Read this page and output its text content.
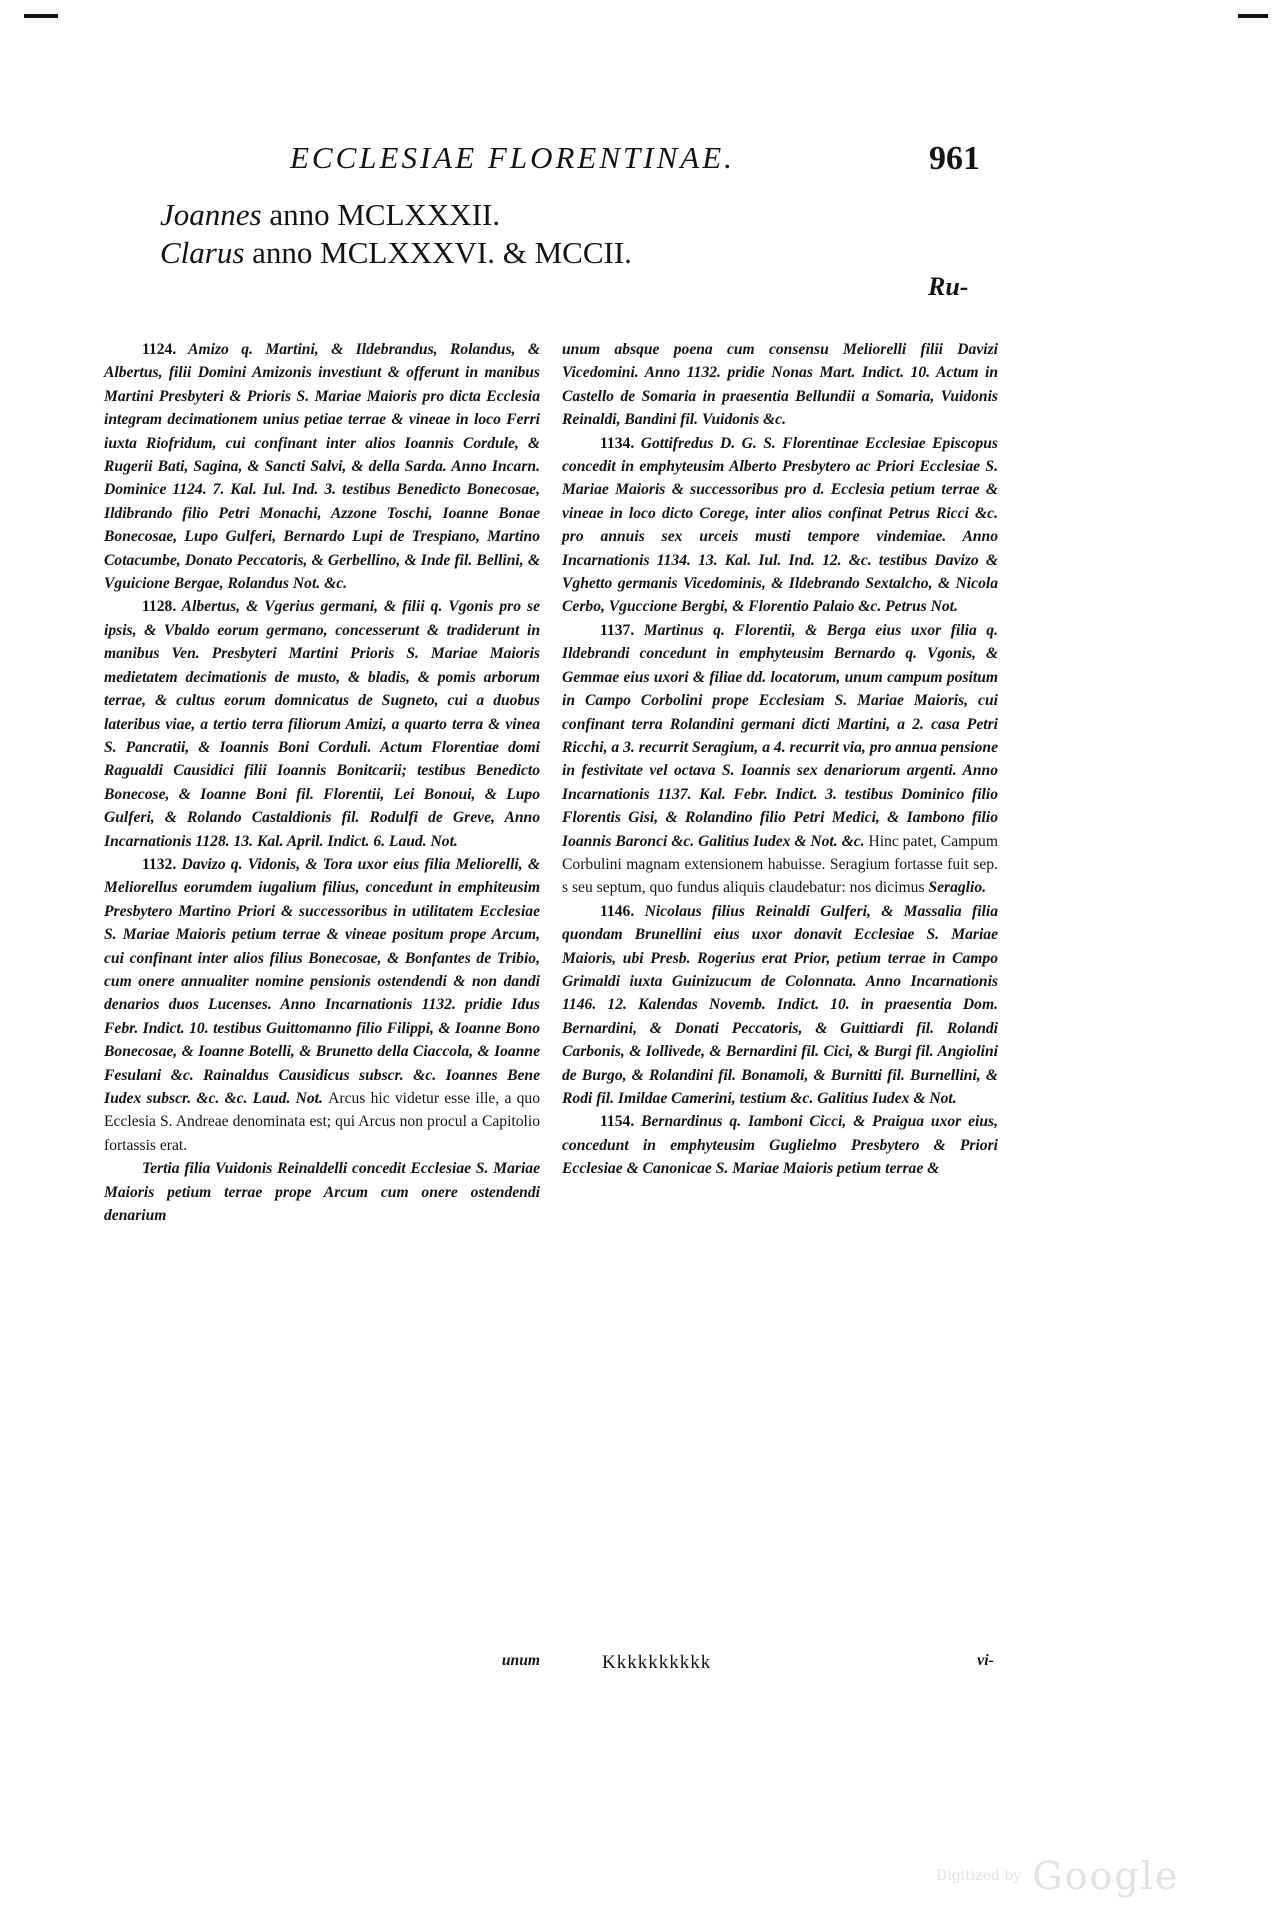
ECCLESIAE FLORENTINAE.	961
Joannes anno MCLXXXII.
Clarus anno MCLXXXVI. & MCCII.
Ru-

1124. Amizo q. Martini, & Ildebrandus, Rolandus, & Albertus, filii Domini Amizonis investiunt & offerunt in manibus Martini Presbyteri & Prioris S. Mariae Maioris pro dicta Ecclesia integram decimationem unius petiae terrae & vineae in loco Ferri iuxta Riofridum, cui confinant inter alios Ioannis Cordule, & Rugerii Bati, Sagina, & Sancti Salvi, & della Sarda. Anno Incarn. Dominice 1124. 7. Kal. Iul. Ind. 3. testibus Benedicto Bonecosae, Ildibrando filio Petri Monachi, Azzone Toschi, Ioanne Bonae Bonecosae, Lupo Gulferi, Bernardo Lupi de Trespiano, Martino Cotacumbe, Donato Peccatoris, & Gerbellino, & Inde fil. Bellini, & Vguicione Bergae, Rolandus Not. &c.

1128. Albertus, & Vgerius germani, & filii q. Vgonis pro se ipsis, & Vbaldo eorum germano, concesserunt & tradiderunt in manibus Ven. Presbyteri Martini Prioris S. Mariae Maioris medietatem decimationis de musto, & bladis, & pomis arborum terrae, & cultus eorum domnicatus de Sugneto, cui a duobus lateribus viae, a tertio terra filiorum Amizi, a quarto terra & vinea S. Pancratii, & Ioannis Boni Corduli. Actum Florentiae domi Ragualdi Causidici filii Ioannis Bonitcarii; testibus Benedicto Bonecose, & Ioanne Boni fil. Florentii, Lei Bonoui, & Lupo Gulferi, & Rolando Castaldionis fil. Rodulfi de Greve, Anno Incarnationis 1128. 13. Kal. April. Indict. 6. Laud. Not.

1132. Davizo q. Vidonis, & Tora uxor eius filia Meliorelli, & Meliorellus eorumdem iugalium filius, concedunt in emphiteusim Presbytero Martino Priori & successoribus in utilitatem Ecclesiae S. Mariae Maioris petium terrae & vineae positum prope Arcum, cui confinant inter alios filius Bonecosae, & Bonfantes de Tribio, cum onere annualiter nomine pensionis ostendendi & non dandi denarios duos Lucenses. Anno Incarnationis 1132. pridie Idus Febr. Indict. 10. testibus Guittomanno filio Filippi, & Ioanne Bono Bonecosae, & Ioanne Botelli, & Brunetto della Ciaccola, & Ioanne Fesulani &c. Rainaldus Causidicus subscr. &c. Ioannes Bene Iudex subscr. &c. &c. Laud. Not. Arcus hic videtur esse ille, a quo Ecclesia S. Andreae denominata est; qui Arcus non procul a Capitolio fortassis erat.

Tertia filia Vuidonis Reinaldelli concedit Ecclesiae S. Mariae Maioris petium terrae prope Arcum cum onere ostendendi denarium

unum absque poena cum consensu Meliorelli filii Davizi Vicedomini. Anno 1132. pridie Nonas Mart. Indict. 10. Actum in Castello de Somaria in praesentia Bellundii a Somaria, Vuidonis Reinaldi, Bandini fil. Vuidonis &c.

1134. Gottifredus D. G. S. Florentinae Ecclesiae Episcopus concedit in emphyteusim Alberto Presbytero ac Priori Ecclesiae S. Mariae Maioris & successoribus pro d. Ecclesia petium terrae & vineae in loco dicto Corege, inter alios confinat Petrus Ricci &c. pro annuis sex urceis musti tempore vindemiae. Anno Incarnationis 1134. 13. Kal. Iul. Ind. 12. &c. testibus Davizo & Vghetto germanis Vicedominis, & Ildebrando Sextalcho, & Nicola Cerbo, Vguccione Bergbi, & Florentio Palaio &c. Petrus Not.

1137. Martinus q. Florentii, & Berga eius uxor filia q. Ildebrandi concedunt in emphyteusim Bernardo q. Vgonis, & Gemmae eius uxori & filiae dd. locatorum, unum campum positum in Campo Corbolini prope Ecclesiam S. Mariae Maioris, cui confinant terra Rolandini germani dicti Martini, a 2. casa Petri Ricchi, a 3. recurrit Seragium, a 4. recurrit via, pro annua pensione in festivitate vel octava S. Ioannis sex denariorum argenti. Anno Incarnationis 1137. Kal. Febr. Indict. 3. testibus Dominico filio Florentis Gisi, & Rolandino filio Petri Medici, & Iambono filio Ioannis Baronci &c. Galitius Iudex & Not. &c. Hinc patet, Campum Corbulini magnam extensionem habuisse. Seragium fortasse fuit sep. s seu septum, quo fundus aliquis claudebatur: nos dicimus Seraglio.

1146. Nicolaus filius Reinaldi Gulferi, & Massalia filia quondam Brunellini eius uxor donavit Ecclesiae S. Mariae Maioris, ubi Presb. Rogerius erat Prior, petium terrae in Campo Grimaldi iuxta Guinizucum de Colonnata. Anno Incarnationis 1146. 12. Kalendas Novemb. Indict. 10. in praesentia Dom. Bernardini, & Donati Peccatoris, & Guittiardi fil. Rolandi Carbonis, & Iollivede, & Bernardini fil. Cici, & Burgi fil. Angiolini de Burgo, & Rolandini fil. Bonamoli, & Burnitti fil. Burnellini, & Rodi fil. Imildae Camerini, testium &c. Galitius Iudex & Not.

1154. Bernardinus q. Iamboni Cicci, & Praigua uxor eius, concedunt in emphyteusim Guglielmo Presbytero & Priori Ecclesiae & Canonicae S. Mariae Maioris petium terrae &

unum	Kkkkkkkkkk	vi-
Digitized by Google
